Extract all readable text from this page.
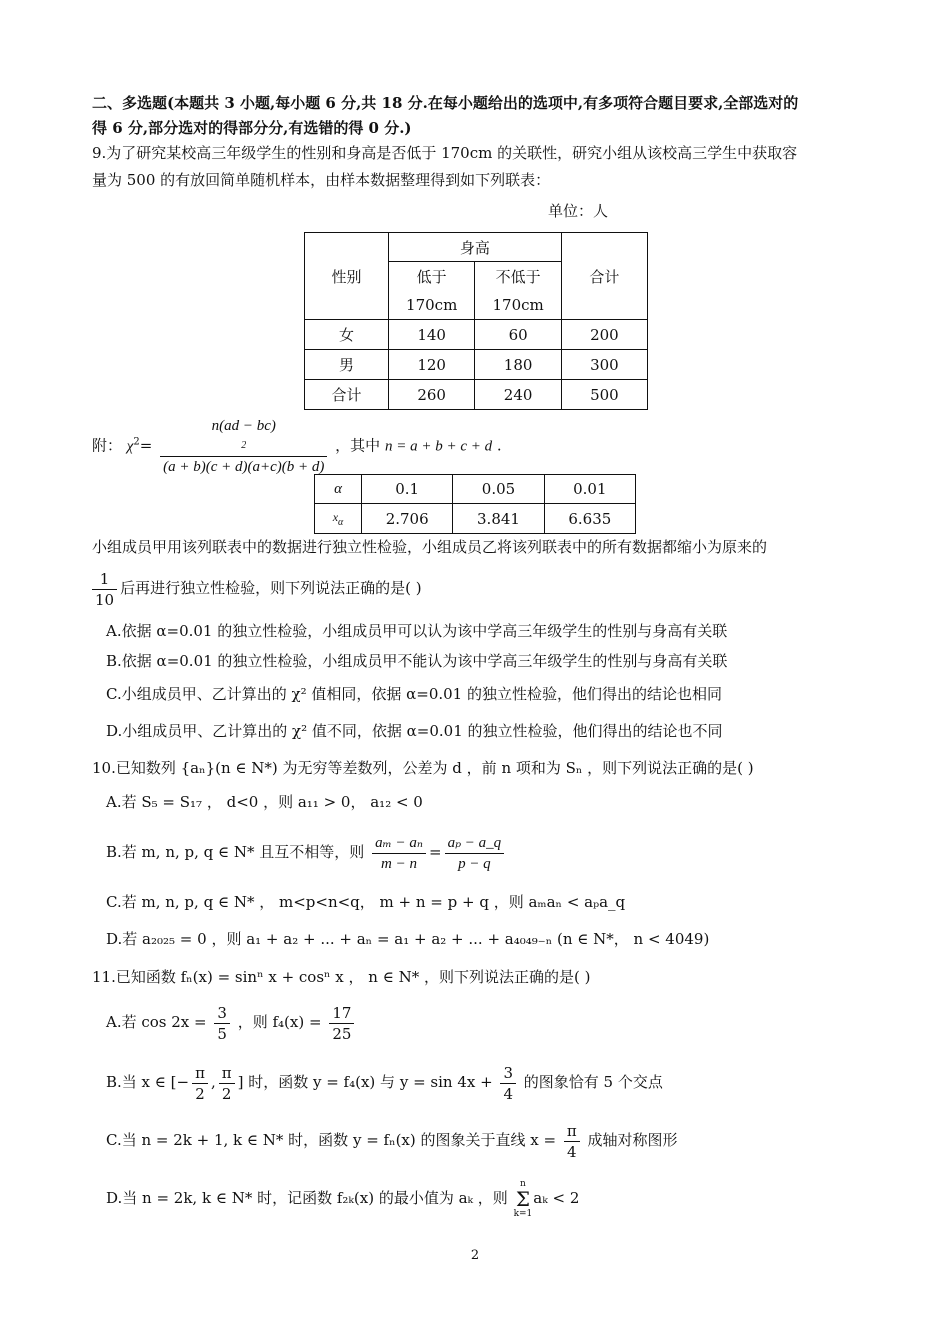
二、多选题(本题共 3 小题,每小题 6 分,共 18 分.在每小题给出的选项中,有多项符合题目要求,全部选对的
得 6 分,部分选对的得部分分,有选错的得 0 分.)
9.为了研究某校高三年级学生的性别和身高是否低于 170cm 的关联性，研究小组从该校高三学生中获取容
量为 500 的有放回简单随机样本，由样本数据整理得到如下列联表：
单位：人
性别	身高		合计
	低于	不低于	
	170cm	170cm	
女	140	60	200
男	120	180	300
合计	260	240	500
附： $\chi^2= n(ad - bc)$
2
(a + b)(c + d)(a+c)(b + d) ，其中 n = a + b + c + d .
α	0.1	0.05	0.01
$x_\alpha$	2.706	3.841	6.635
小组成员甲用该列联表中的数据进行独立性检验，小组成员乙将该列联表中的所有数据都缩小为原来的
$\frac{1}{10}$ 后再进行独立性检验，则下列说法正确的是( )
A.依据 α=0.01 的独立性检验，小组成员甲可以认为该中学高三年级学生的性别与身高有关联
B.依据 α=0.01 的独立性检验，小组成员甲不能认为该中学高三年级学生的性别与身高有关联
C.小组成员甲、乙计算出的 χ² 值相同，依据 α=0.01 的独立性检验，他们得出的结论也相同
D.小组成员甲、乙计算出的 χ² 值不同，依据 α=0.01 的独立性检验，他们得出的结论也不同
10.已知数列 {aₙ}(n ∈ N*) 为无穷等差数列，公差为 d ，前 n 项和为 Sₙ ，则下列说法正确的是( )
A.若 S₅ = S₁₇ ， d<0 ，则 a₁₁ > 0， a₁₂ < 0
B.若 m, n, p, q ∈ N* 且互不相等，则 $\frac{\text{aₘ − aₙ}}{m - n} = \frac{\text{aₚ − a\_q}}{p - q}$
C.若 m, n, p, q ∈ N* ， m<p<n<q， m + n = p + q ，则 aₘaₙ < aₚa_q
D.若 a₂₀₂₅ = 0 ，则 a₁ + a₂ + ... + aₙ = a₁ + a₂ + ... + a₄₀₄₉₋ₙ (n ∈ N*， n < 4049)
11.已知函数 fₙ(x) = sinⁿ x + cosⁿ x ， n ∈ N* ，则下列说法正确的是( )
A.若 $\cos 2x = \frac{3}{5}$ ，则 $f_4(x) = \frac{17}{25}$
B.当 x ∈ [− $\frac{\pi}{2}$ , $\frac{\pi}{2}$ ] 时，函数 y = f₄(x) 与 $y = \sin 4x + \frac{3}{4}$ 的图象恰有 5 个交点
C.当 n = 2k + 1, k ∈ N* 时，函数 y = fₙ(x) 的图象关于直线 $x = \frac{\pi}{4}$ 成轴对称图形
D.当 n = 2k, k ∈ N* 时，记函数 f₂ₖ(x) 的最小值为 aₖ ，则
n
Σ
k=1
aₖ < 2
2
